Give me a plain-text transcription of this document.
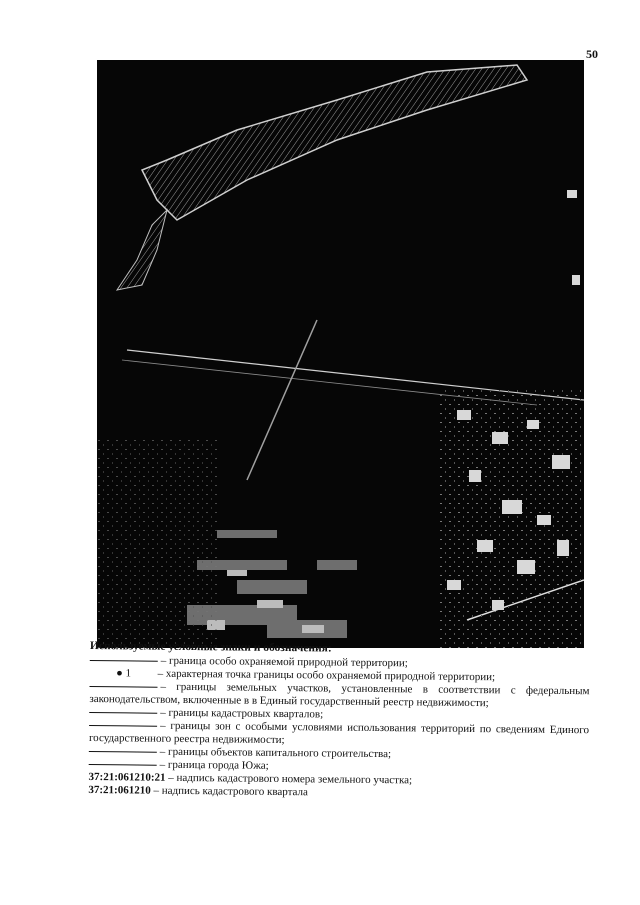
50
Используемые условные знаки и обозначения:
– граница особо охраняемой природной территории;
● 1 – характерная точка границы особо охраняемой природной территории;
– границы земельных участков, установленные в соответствии с федеральным законодательством, включенные в в Единый государственный реестр недвижимости;
– границы кадастровых кварталов;
– границы зон с особыми условиями использования территорий по сведениям Единого государственного реестра недвижимости;
– границы объектов капитального строительства;
– граница города Южа;
37:21:061210:21 – надпись кадастрового номера земельного участка;
37:21:061210 – надпись кадастрового квартала
